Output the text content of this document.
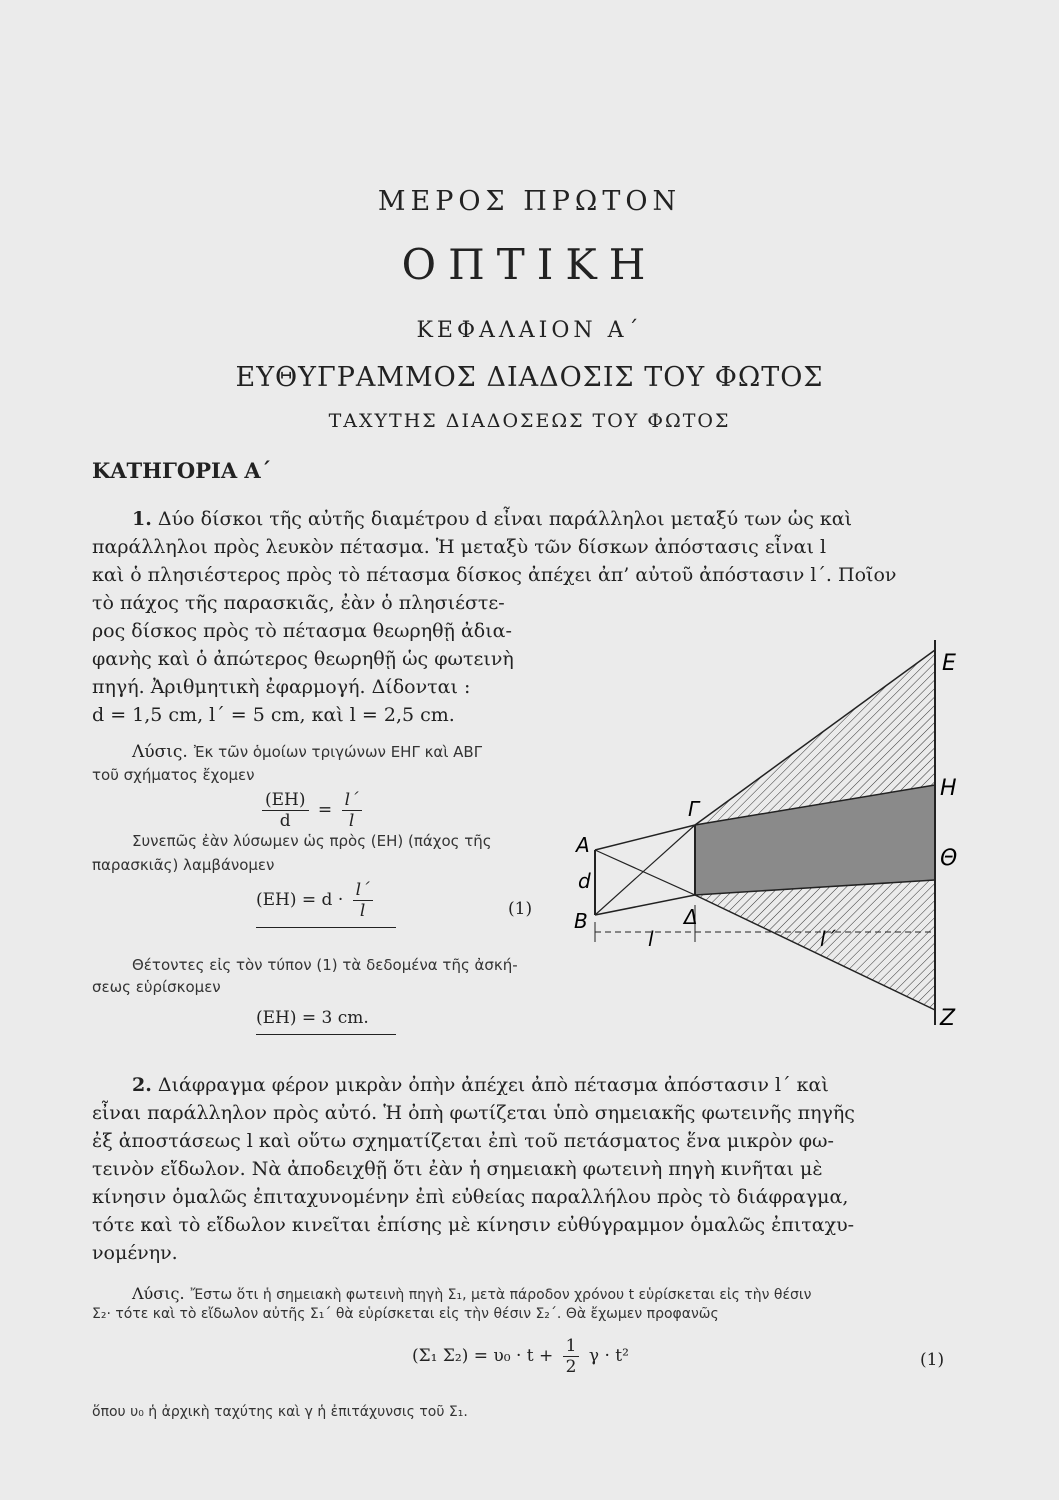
ΜΕΡΟΣ ΠΡΩΤΟΝ
ΟΠΤΙΚΗ
ΚΕΦΑΛΑΙΟΝ Α΄
ΕΥΘΥΓΡΑΜΜΟΣ ΔΙΑΔΟΣΙΣ ΤΟΥ ΦΩΤΟΣ
ΤΑΧΥΤΗΣ ΔΙΑΔΟΣΕΩΣ ΤΟΥ ΦΩΤΟΣ
ΚΑΤΗΓΟΡΙΑ Α΄
1. Δύο δίσκοι τῆς αὐτῆς διαμέτρου d εἶναι παράλληλοι μεταξύ των ὡς καὶ
παράλληλοι πρὸς λευκὸν πέτασμα. Ἡ μεταξὺ τῶν δίσκων ἀπόστασις εἶναι l
καὶ ὁ πλησιέστερος πρὸς τὸ πέτασμα δίσκος ἀπέχει ἀπ’ αὐτοῦ ἀπόστασιν l΄. Ποῖον
τὸ πάχος τῆς παρασκιᾶς, ἐὰν ὁ πλησιέστε-
ρος δίσκος πρὸς τὸ πέτασμα θεωρηθῇ ἀδια-
φανὴς καὶ ὁ ἀπώτερος θεωρηθῇ ὡς φωτεινὴ
πηγή. Ἀριθμητικὴ ἐφαρμογή. Δίδονται :
d = 1,5 cm, l΄ = 5 cm, καὶ l = 2,5 cm.
Λύσις. Ἐκ τῶν ὁμοίων τριγώνων ΕΗΓ καὶ ΑΒΓ
τοῦ σχήματος ἔχομεν
$\frac{(EH)}{d} = \frac{l΄}{l}$
Συνεπῶς ἐὰν λύσωμεν ὡς πρὸς (ΕΗ) (πάχος τῆς
παρασκιᾶς) λαμβάνομεν
$(EH) = d \cdot \frac{l΄}{l}$	(1)
Θέτοντες εἰς τὸν τύπον (1) τὰ δεδομένα τῆς ἀσκή-
σεως εὑρίσκομεν
(ΕΗ) = 3 cm.
A
B
d
Γ
Δ
E
H
Θ
Z
l	l΄
2. Διάφραγμα φέρον μικρὰν ὀπὴν ἀπέχει ἀπὸ πέτασμα ἀπόστασιν l΄ καὶ
εἶναι παράλληλον πρὸς αὐτό. Ἡ ὀπὴ φωτίζεται ὑπὸ σημειακῆς φωτεινῆς πηγῆς
ἐξ ἀποστάσεως l καὶ οὕτω σχηματίζεται ἐπὶ τοῦ πετάσματος ἕνα μικρὸν φω-
τεινὸν εἴδωλον. Νὰ ἀποδειχθῇ ὅτι ἐὰν ἡ σημειακὴ φωτεινὴ πηγὴ κινῆται μὲ
κίνησιν ὁμαλῶς ἐπιταχυνομένην ἐπὶ εὐθείας παραλλήλου πρὸς τὸ διάφραγμα,
τότε καὶ τὸ εἴδωλον κινεῖται ἐπίσης μὲ κίνησιν εὐθύγραμμον ὁμαλῶς ἐπιταχυ-
νομένην.
Λύσις. Ἔστω ὅτι ἡ σημειακὴ φωτεινὴ πηγὴ Σ₁, μετὰ πάροδον χρόνου t εὑρίσκεται εἰς τὴν θέσιν
Σ₂· τότε καὶ τὸ εἴδωλον αὐτῆς Σ₁΄ θὰ εὑρίσκεται εἰς τὴν θέσιν Σ₂΄. Θὰ ἔχωμεν προφανῶς
(Σ₁ $\Sigma_2) = \upsilon_0 \cdot t + \frac{1}{2}$ γ · t²	(1)
ὅπου υ₀ ἡ ἀρχικὴ ταχύτης καὶ γ ἡ ἐπιτάχυνσις τοῦ Σ₁.
